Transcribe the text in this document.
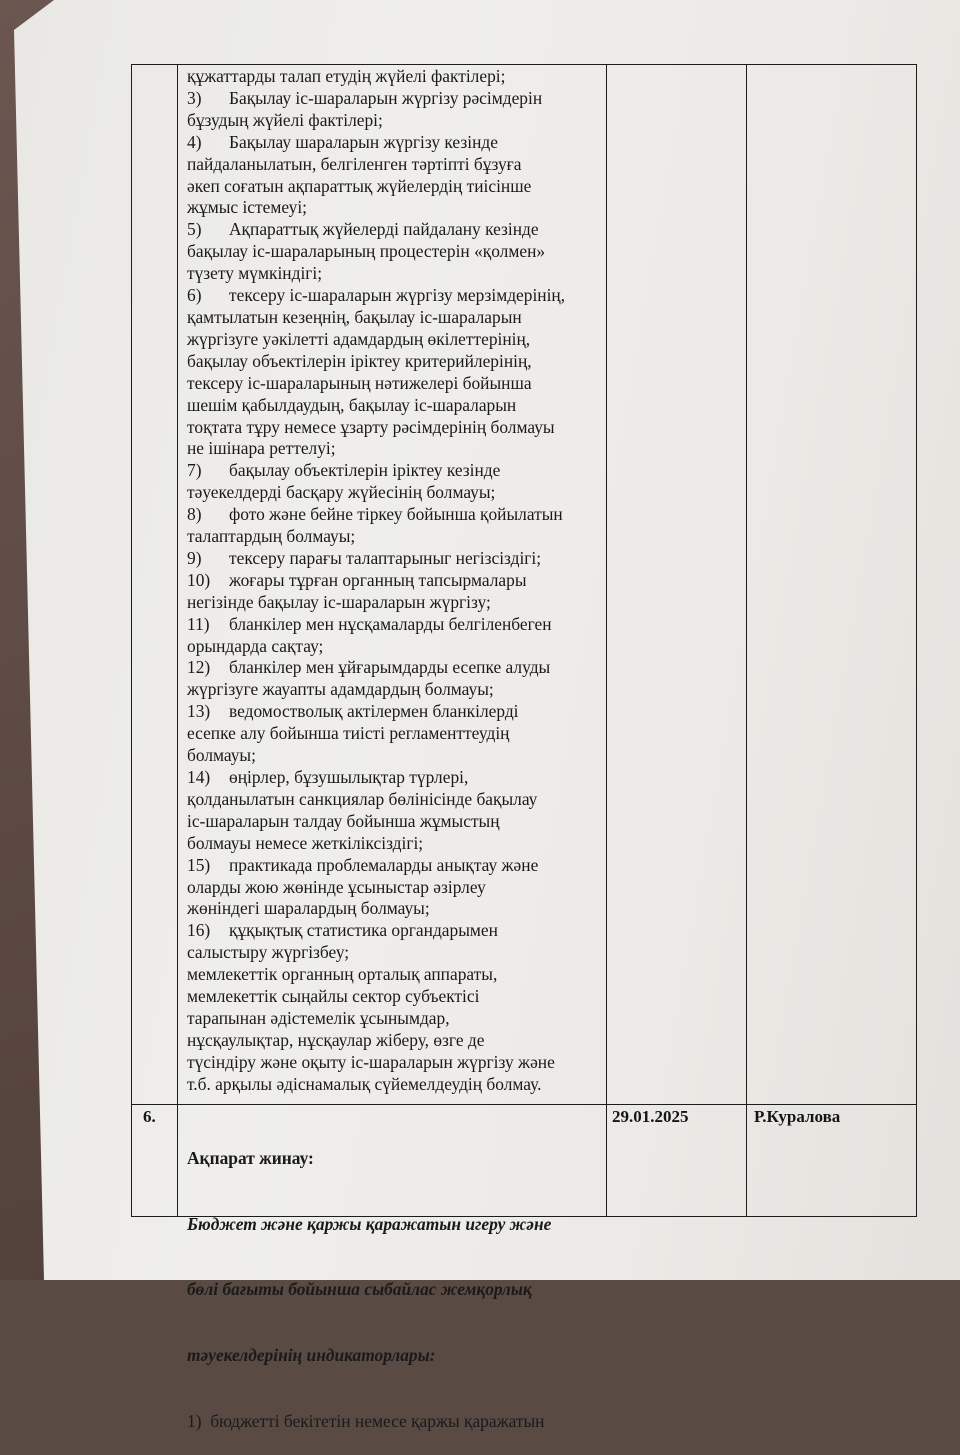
құжаттарды талап етудің жүйелі фактілері;
3) Бақылау іс-шараларын жүргізу рәсімдерін
бұзудың жүйелі фактілері;
4) Бақылау шараларын жүргізу кезінде
пайдаланылатын, белгіленген тәртіпті бұзуға
әкеп соғатын ақпараттық жүйелердің тиісінше
жұмыс істемеуі;
5) Ақпараттық жүйелерді пайдалану кезінде
бақылау іс-шараларының процестерін «қолмен»
түзету мүмкіндігі;
6) тексеру іс-шараларын жүргізу мерзімдерінің,
қамтылатын кезеңнің, бақылау іс-шараларын
жүргізуге уәкілетті адамдардың өкілеттерінің,
бақылау объектілерін іріктеу критерийлерінің,
тексеру іс-шараларының нәтижелері бойынша
шешім қабылдаудың, бақылау іс-шараларын
тоқтата тұру немесе ұзарту рәсімдерінің болмауы
не ішінара реттелуі;
7) бақылау объектілерін іріктеу кезінде
тәуекелдерді басқару жүйесінің болмауы;
8) фото және бейне тіркеу бойынша қойылатын
талаптардың болмауы;
9) тексеру парағы талаптарыныг негізсіздігі;
10) жоғары тұрған органның тапсырмалары
негізінде бақылау іс-шараларын жүргізу;
11) бланкілер мен нұсқамаларды белгіленбеген
орындарда сақтау;
12) бланкілер мен ұйғарымдарды есепке алуды
жүргізуге жауапты адамдардың болмауы;
13) ведомостволық актілермен бланкілерді
есепке алу бойынша тиісті регламенттеудің
болмауы;
14) өңірлер, бұзушылықтар түрлері,
қолданылатын санкциялар бөлінісінде бақылау
іс-шараларын талдау бойынша жұмыстың
болмауы немесе жеткіліксіздігі;
15) практикада проблемаларды анықтау және
оларды жою жөнінде ұсыныстар әзірлеу
жөніндегі шаралардың болмауы;
16) құқықтық статистика органдарымен
салыстыру жүргізбеу;
мемлекеттік органның орталық аппараты,
мемлекеттік сыңайлы сектор субъектісі
тарапынан әдістемелік ұсынымдар,
нұсқаулықтар, нұсқаулар жіберу, өзге де
түсіндіру және оқыту іс-шараларын жүргізу және
т.б. арқылы әдіснамалық сүйемелдеудің болмау.
6.

Ақпарат жинау:

Бюджет және қаржы қаражатын игеру және

бөлі бағыты бойынша сыбайлас жемқорлық

тәуекелдерінің индикаторлары:

1) бюджетті бекітетін немесе қаржы қаражатын

29.01.2025	Р.Куралова
